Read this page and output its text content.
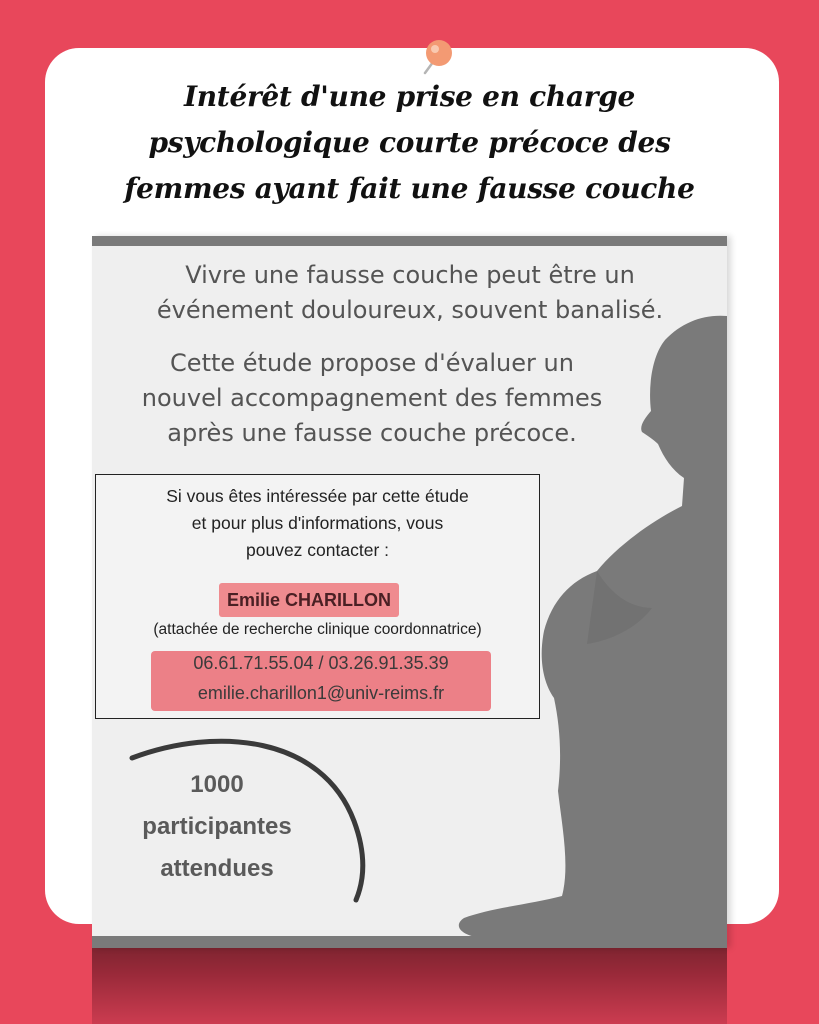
Intérêt d'une prise en charge
psychologique courte précoce des
femmes ayant fait une fausse couche

Vivre une fausse couche peut être un
événement douloureux, souvent banalisé.

Cette étude propose d'évaluer un
nouvel accompagnement des femmes
après une fausse couche précoce.

Si vous êtes intéressée par cette étude
et pour plus d'informations, vous
pouvez contacter :

Emilie CHARILLON
(attachée de recherche clinique coordonnatrice)
06.61.71.55.04 / 03.26.91.35.39
emilie.charillon1@univ-reims.fr

1000
participantes
attendues
